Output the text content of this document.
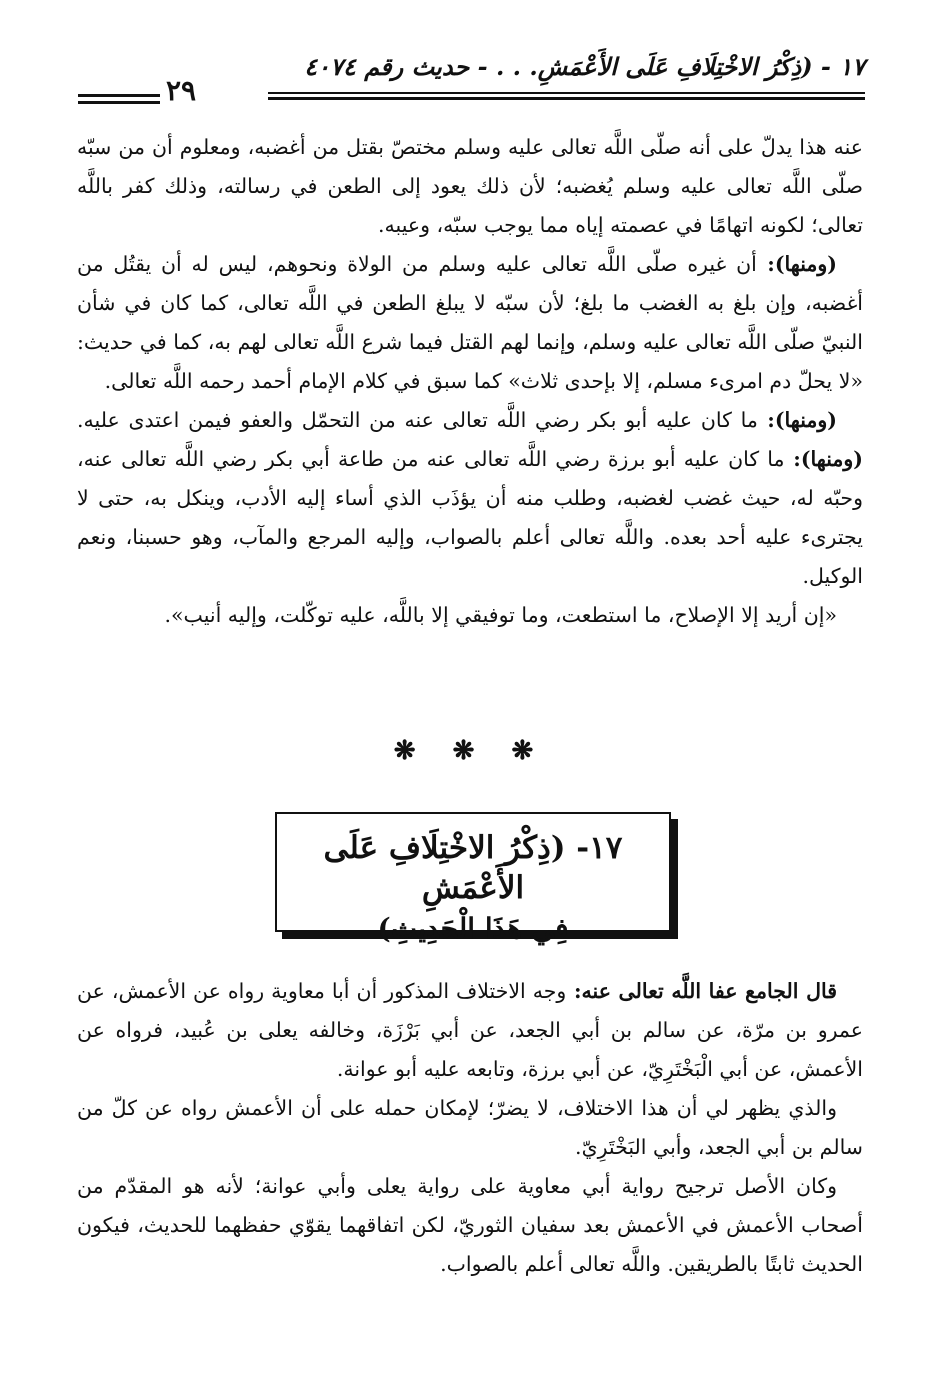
١٧ - (ذِكْرُ الاخْتِلَافِ عَلَى الأَعْمَشِ. . . - حديث رقم ٤٠٧٤
٢٩

عنه هذا يدلّ على أنه صلّى اللَّه تعالى عليه وسلم مختصّ بقتل من أغضبه، ومعلوم أن من سبّه صلّى اللَّه تعالى عليه وسلم يُغضبه؛ لأن ذلك يعود إلى الطعن في رسالته، وذلك كفر باللَّه تعالى؛ لكونه اتهامًا في عصمته إياه مما يوجب سبّه، وعيبه.

(ومنها): أن غيره صلّى اللَّه تعالى عليه وسلم من الولاة ونحوهم، ليس له أن يقتُل من أغضبه، وإن بلغ به الغضب ما بلغ؛ لأن سبّه لا يبلغ الطعن في اللَّه تعالى، كما كان في شأن النبيّ صلّى اللَّه تعالى عليه وسلم، وإنما لهم القتل فيما شرع اللَّه تعالى لهم به، كما في حديث: «لا يحلّ دم امرىء مسلم، إلا بإحدى ثلاث» كما سبق في كلام الإمام أحمد رحمه اللَّه تعالى.

(ومنها): ما كان عليه أبو بكر رضي اللَّه تعالى عنه من التحمّل والعفو فيمن اعتدى عليه. (ومنها): ما كان عليه أبو برزة رضي اللَّه تعالى عنه من طاعة أبي بكر رضي اللَّه تعالى عنه، وحبّه له، حيث غضب لغضبه، وطلب منه أن يؤذَب الذي أساء إليه الأدب، وينكل به، حتى لا يجترىء عليه أحد بعده. واللَّه تعالى أعلم بالصواب، وإليه المرجع والمآب، وهو حسبنا، ونعم الوكيل.

«إن أريد إلا الإصلاح، ما استطعت، وما توفيقي إلا باللَّه، عليه توكّلت، وإليه أنيب».

❋ ❋ ❋
١٧- (ذِكْرُ الاخْتِلَافِ عَلَى الأَعْمَشِ
فِي هَذَا الْحَدِيثِ)

قال الجامع عفا اللَّه تعالى عنه: وجه الاختلاف المذكور أن أبا معاوية رواه عن الأعمش، عن عمرو بن مرّة، عن سالم بن أبي الجعد، عن أبي بَرْزَة، وخالفه يعلى بن عُبيد، فرواه عن الأعمش، عن أبي الْبَخْتَرِيّ، عن أبي برزة، وتابعه عليه أبو عوانة.

والذي يظهر لي أن هذا الاختلاف، لا يضرّ؛ لإمكان حمله على أن الأعمش رواه عن كلّ من سالم بن أبي الجعد، وأبي البَخْتَرِيّ.

وكان الأصل ترجيح رواية أبي معاوية على رواية يعلى وأبي عوانة؛ لأنه هو المقدّم من أصحاب الأعمش في الأعمش بعد سفيان الثوريّ، لكن اتفاقهما يقوّي حفظهما للحديث، فيكون الحديث ثابتًا بالطريقين. واللَّه تعالى أعلم بالصواب.
